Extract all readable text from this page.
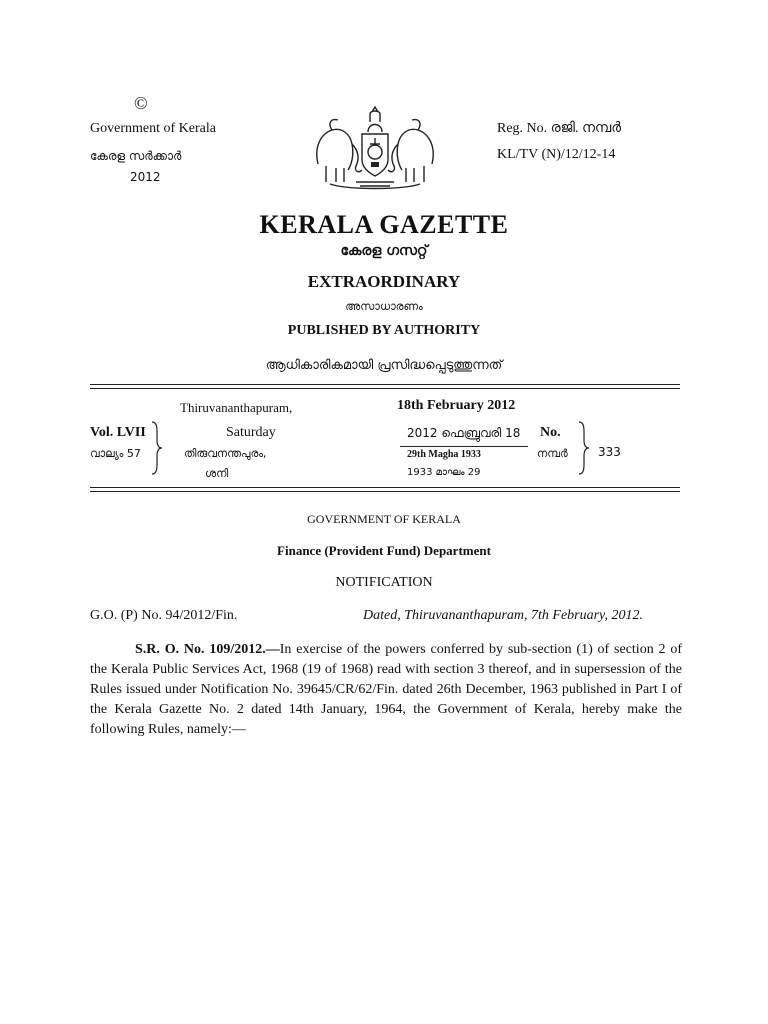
©
Government of Kerala
കേരള സർക്കാർ
2012
Reg. No. രജി. നമ്പർ
KL/TV (N)/12/12-14
KERALA GAZETTE
കേരള ഗസറ്റ്
EXTRAORDINARY
അസാധാരണം
PUBLISHED BY AUTHORITY
ആധികാരികമായി പ്രസിദ്ധപ്പെടുത്തുന്നത്
Thiruvananthapuram,	18th February 2012
Vol. LVII	Saturday	2012 ഫെബ്രുവരി 18 No.
വാല്യം 57	തിരുവനന്തപുരം,	29th Magha 1933	നമ്പർ	333
ശനി	1933 മാഘം 29
GOVERNMENT OF KERALA
Finance (Provident Fund) Department
NOTIFICATION
G.O. (P) No. 94/2012/Fin.	Dated, Thiruvananthapuram, 7th February, 2012.
S.R. O. No. 109/2012.—In exercise of the powers conferred by sub-section (1) of section 2 of the Kerala Public Services Act, 1968 (19 of 1968) read with section 3 thereof, and in supersession of the Rules issued under Notification No. 39645/CR/62/Fin. dated 26th December, 1963 published in Part I of the Kerala Gazette No. 2 dated 14th January, 1964, the Government of Kerala, hereby make the following Rules, namely:—
